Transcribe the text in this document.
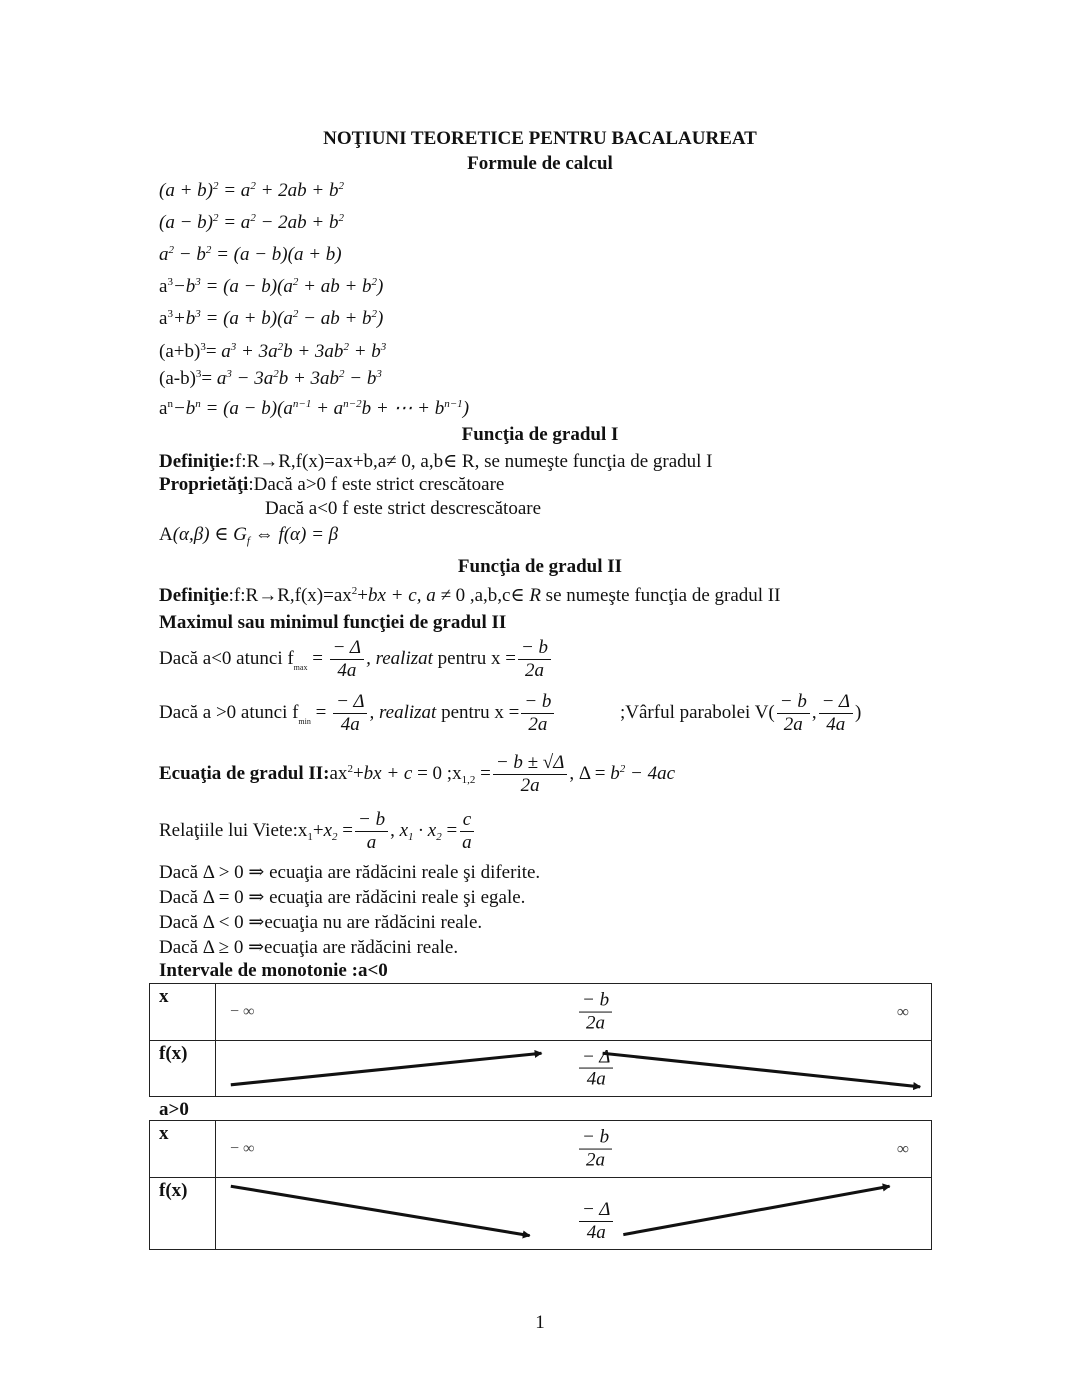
NOŢIUNI TEORETICE PENTRU BACALAUREAT
Formule de calcul
$(a + b)^2 = a^2 + 2ab + b^2$
$(a - b)^2 = a^2 - 2ab + b^2$
$a^2 - b^2 = (a - b)(a + b)$
$a^3-b^3 = (a - b)(a^2$ + ab + $b^2$)
$a^3+b^3 = (a + b)(a^2$ − ab + $b^2$)
$(a+b)^3= a^3 + 3a^2b + 3ab^2 + b^3$
$(a-b)^3= a^3 - 3a^2b + 3ab^2 - b^3$
$a^n-b^n = (a - b)(a^{n-1} + a^{n-2}b$ + ⋯ + $b^{n-1}$)
Funcţia de gradul I
Definiţie:f:R→R,f(x)=ax+b,a≠ 0, a,b∈ R, se numeşte funcţia de gradul I
Proprietăţi:Dacă a>0 f este strict crescătoare
Dacă a<0 f este strict descrescătoare
A(α,β) ∈ $G_f$ ⇔ f(α) = β
Funcţia de gradul II
$Definiţie:f:R\to R,f(x)=ax^2+bx + c$, a ≠ 0 ,a,b,c∈ R se numeşte funcţia de gradul II
Maximul sau minimul funcţiei de gradul II
Dacă a<0 atunci $f_{max} = \frac{- \Delta}{4a}$ , realizat pentru $x = \frac{- b}{2a}$
Dacă a >0 atunci $f_{min} = \frac{- \Delta}{4a}$ , realizat pentru $x = \frac{- b}{2a}$	;Vârful parabolei $V( \frac{- b}{2a}$ , $\frac{- \Delta}{4a}$ )
Ecuaţia de gradul $II:ax^2+bx + c = 0$ $;x_{1,2} = \frac{- b \pm √\Delta}{2a}$ , $\Delta = b^2 - 4ac$
Relaţiile lui $Viete:x_1+x_2 = \frac{- b}{a}$ , $x_1 \cdot x_2 = \frac{c}{a}$
Dacă Δ > 0 ⇒ ecuaţia are rădăcini reale şi diferite.
Dacă Δ = 0 ⇒ ecuaţia are rădăcini reale şi egale.
Dacă Δ < 0 ⇒ecuaţia nu are rădăcini reale.
Dacă Δ ≥ 0 ⇒ecuaţia are rădăcini reale.
Intervale de monotonie :a<0
x	− ∞ $\frac{- b}{2a}$ ∞

f(x)	$\frac{- \Delta}{4a}$
a>0
x	− ∞ $\frac{- b}{2a}$ ∞

f(x)	$\frac{- \Delta}{4a}$
1
